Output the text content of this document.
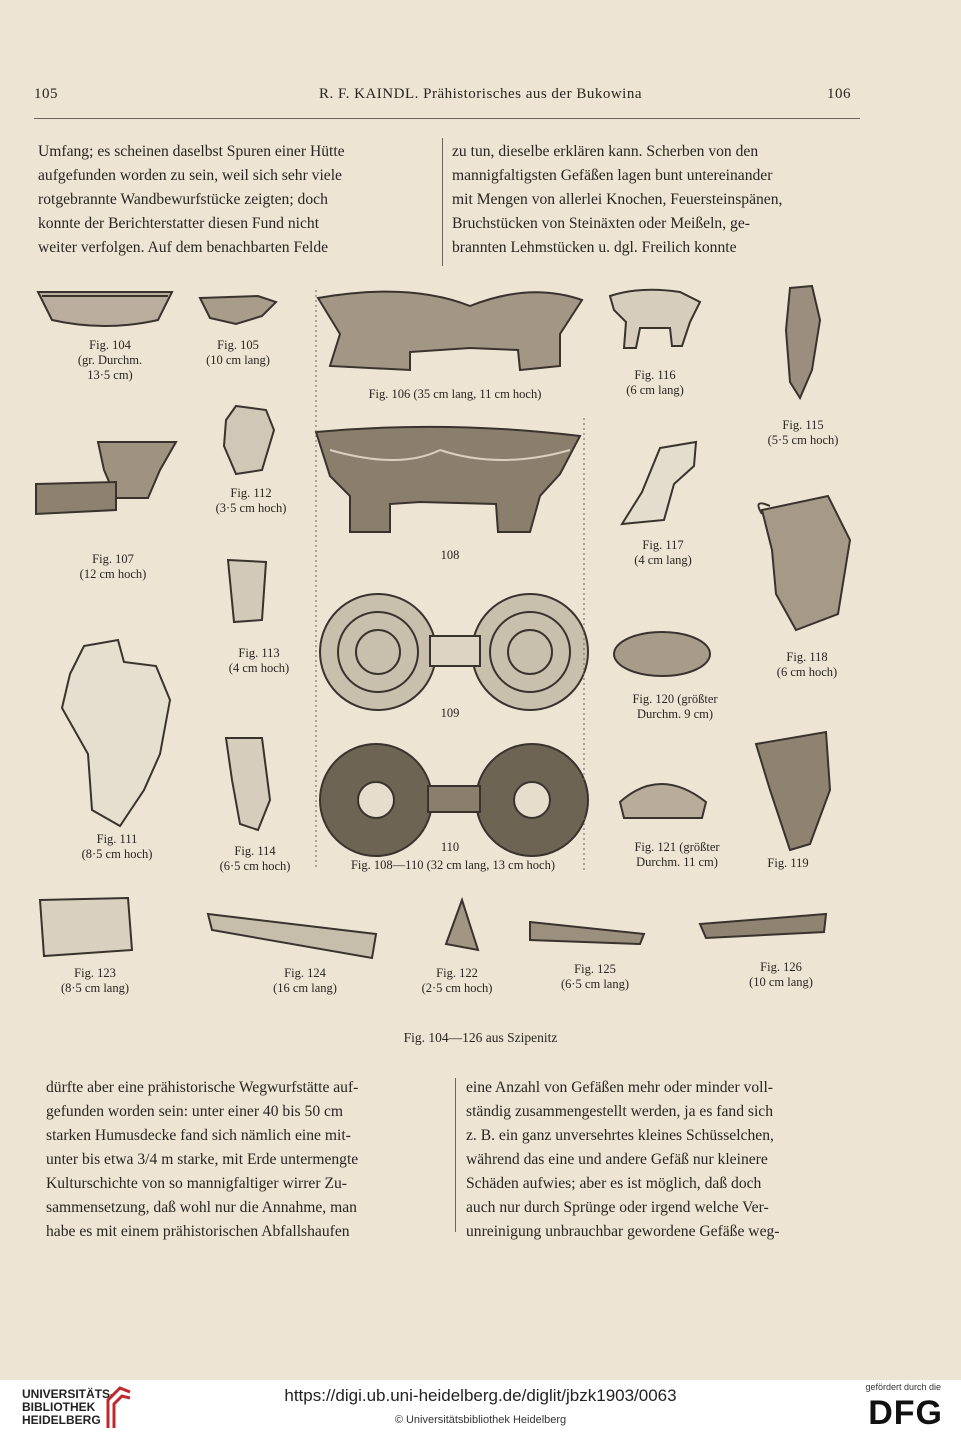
105	R. F. KAINDL. Prähistorisches aus der Bukowina	106

Umfang; es scheinen daselbst Spuren einer Hütte

aufgefunden worden zu sein, weil sich sehr viele

rotgebrannte Wandbewurfstücke zeigten; doch

konnte der Berichterstatter diesen Fund nicht

weiter verfolgen. Auf dem benachbarten Felde

zu tun, dieselbe erklären kann. Scherben von den

mannigfaltigsten Gefäßen lagen bunt untereinander

mit Mengen von allerlei Knochen, Feuersteinspänen,

Bruchstücken von Steinäxten oder Meißeln, ge-

brannten Lehmstücken u. dgl. Freilich konnte

Fig. 104
(gr. Durchm.
13·5 cm)
Fig. 105
(10 cm lang)
Fig. 106 (35 cm lang, 11 cm hoch)
Fig. 116
(6 cm lang)
Fig. 115
(5·5 cm hoch)
Fig. 112
(3·5 cm hoch)
Fig. 107
(12 cm hoch)
108
Fig. 117
(4 cm lang)
Fig. 113
(4 cm hoch)
Fig. 118
(6 cm hoch)
Fig. 120 (größter
Durchm. 9 cm)
109
110	Fig. 121 (größter
Durchm. 11 cm)
Fig. 111
(8·5 cm hoch)	Fig. 114
(6·5 cm hoch)	Fig. 108—110 (32 cm lang, 13 cm hoch)	Fig. 119
Fig. 123
(8·5 cm lang)
Fig. 124
(16 cm lang)
Fig. 122
(2·5 cm hoch)
Fig. 125
(6·5 cm lang)
Fig. 126
(10 cm lang)
Fig. 104—126 aus Szipenitz

dürfte aber eine prähistorische Wegwurfstätte auf-

gefunden worden sein: unter einer 40 bis 50 cm

starken Humusdecke fand sich nämlich eine mit-

unter bis etwa 3/4 m starke, mit Erde untermengte

Kulturschichte von so mannigfaltiger wirrer Zu-

sammensetzung, daß wohl nur die Annahme, man

habe es mit einem prähistorischen Abfallshaufen

eine Anzahl von Gefäßen mehr oder minder voll-

ständig zusammengestellt werden, ja es fand sich

z. B. ein ganz unversehrtes kleines Schüsselchen,

während das eine und andere Gefäß nur kleinere

Schäden aufwies; aber es ist möglich, daß doch

auch nur durch Sprünge oder irgend welche Ver-

unreinigung unbrauchbar gewordene Gefäße weg-

UNIVERSITÄTS-
BIBLIOTHEK
HEIDELBERG
https://digi.ub.uni-heidelberg.de/diglit/jbzk1903/0063
© Universitätsbibliothek Heidelberg
gefördert durch die
DFG
